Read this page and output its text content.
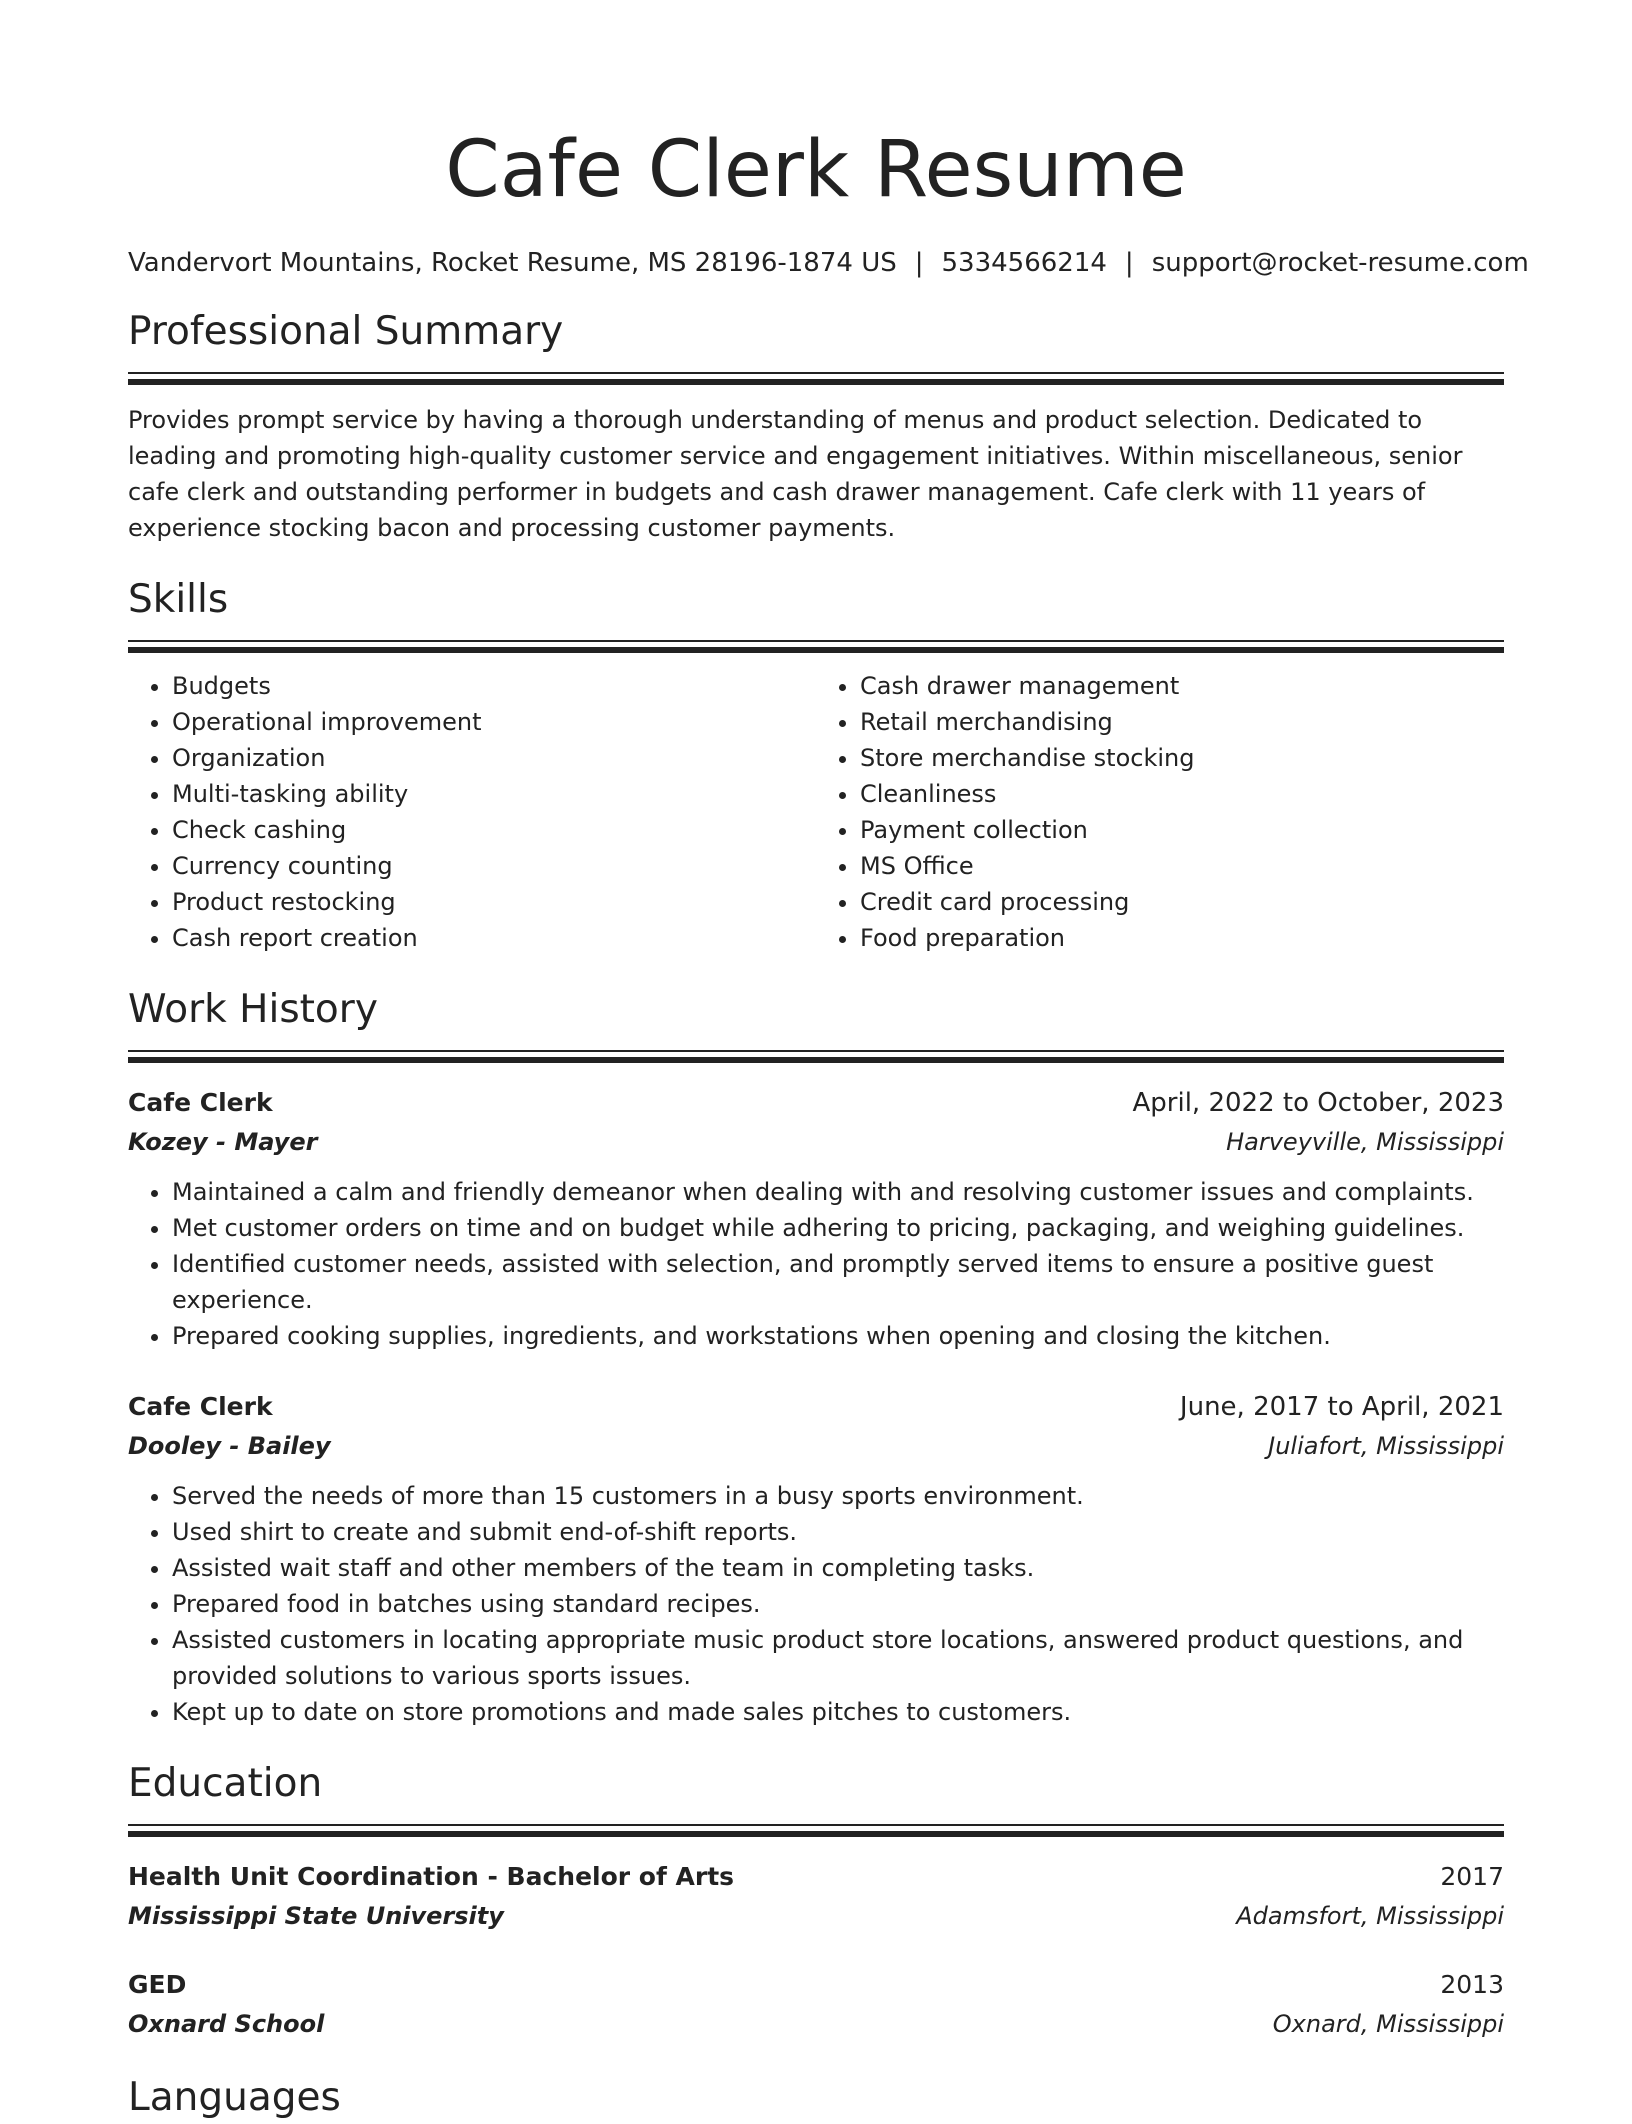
Cafe Clerk Resume
Vandervort Mountains, Rocket Resume, MS 28196-1874 US | 5334566214 | support@rocket-resume.com
Professional Summary
Provides prompt service by having a thorough understanding of menus and product selection. Dedicated to leading and promoting high-quality customer service and engagement initiatives. Within miscellaneous, senior cafe clerk and outstanding performer in budgets and cash drawer management. Cafe clerk with 11 years of experience stocking bacon and processing customer payments.
Skills
• Budgets
• Operational improvement
• Organization
• Multi-tasking ability
• Check cashing
• Currency counting
• Product restocking
• Cash report creation
• Cash drawer management
• Retail merchandising
• Store merchandise stocking
• Cleanliness
• Payment collection
• MS Office
• Credit card processing
• Food preparation
Work History
Cafe Clerk	April, 2022 to October, 2023
Kozey - Mayer	Harveyville, Mississippi
• Maintained a calm and friendly demeanor when dealing with and resolving customer issues and complaints.
• Met customer orders on time and on budget while adhering to pricing, packaging, and weighing guidelines.
• Identified customer needs, assisted with selection, and promptly served items to ensure a positive guest experience.
• Prepared cooking supplies, ingredients, and workstations when opening and closing the kitchen.
Cafe Clerk	June, 2017 to April, 2021
Dooley - Bailey	Juliafort, Mississippi
• Served the needs of more than 15 customers in a busy sports environment.
• Used shirt to create and submit end-of-shift reports.
• Assisted wait staff and other members of the team in completing tasks.
• Prepared food in batches using standard recipes.
• Assisted customers in locating appropriate music product store locations, answered product questions, and provided solutions to various sports issues.
• Kept up to date on store promotions and made sales pitches to customers.
Education
Health Unit Coordination - Bachelor of Arts	2017
Mississippi State University	Adamsfort, Mississippi
GED	2013
Oxnard School	Oxnard, Mississippi
Languages
